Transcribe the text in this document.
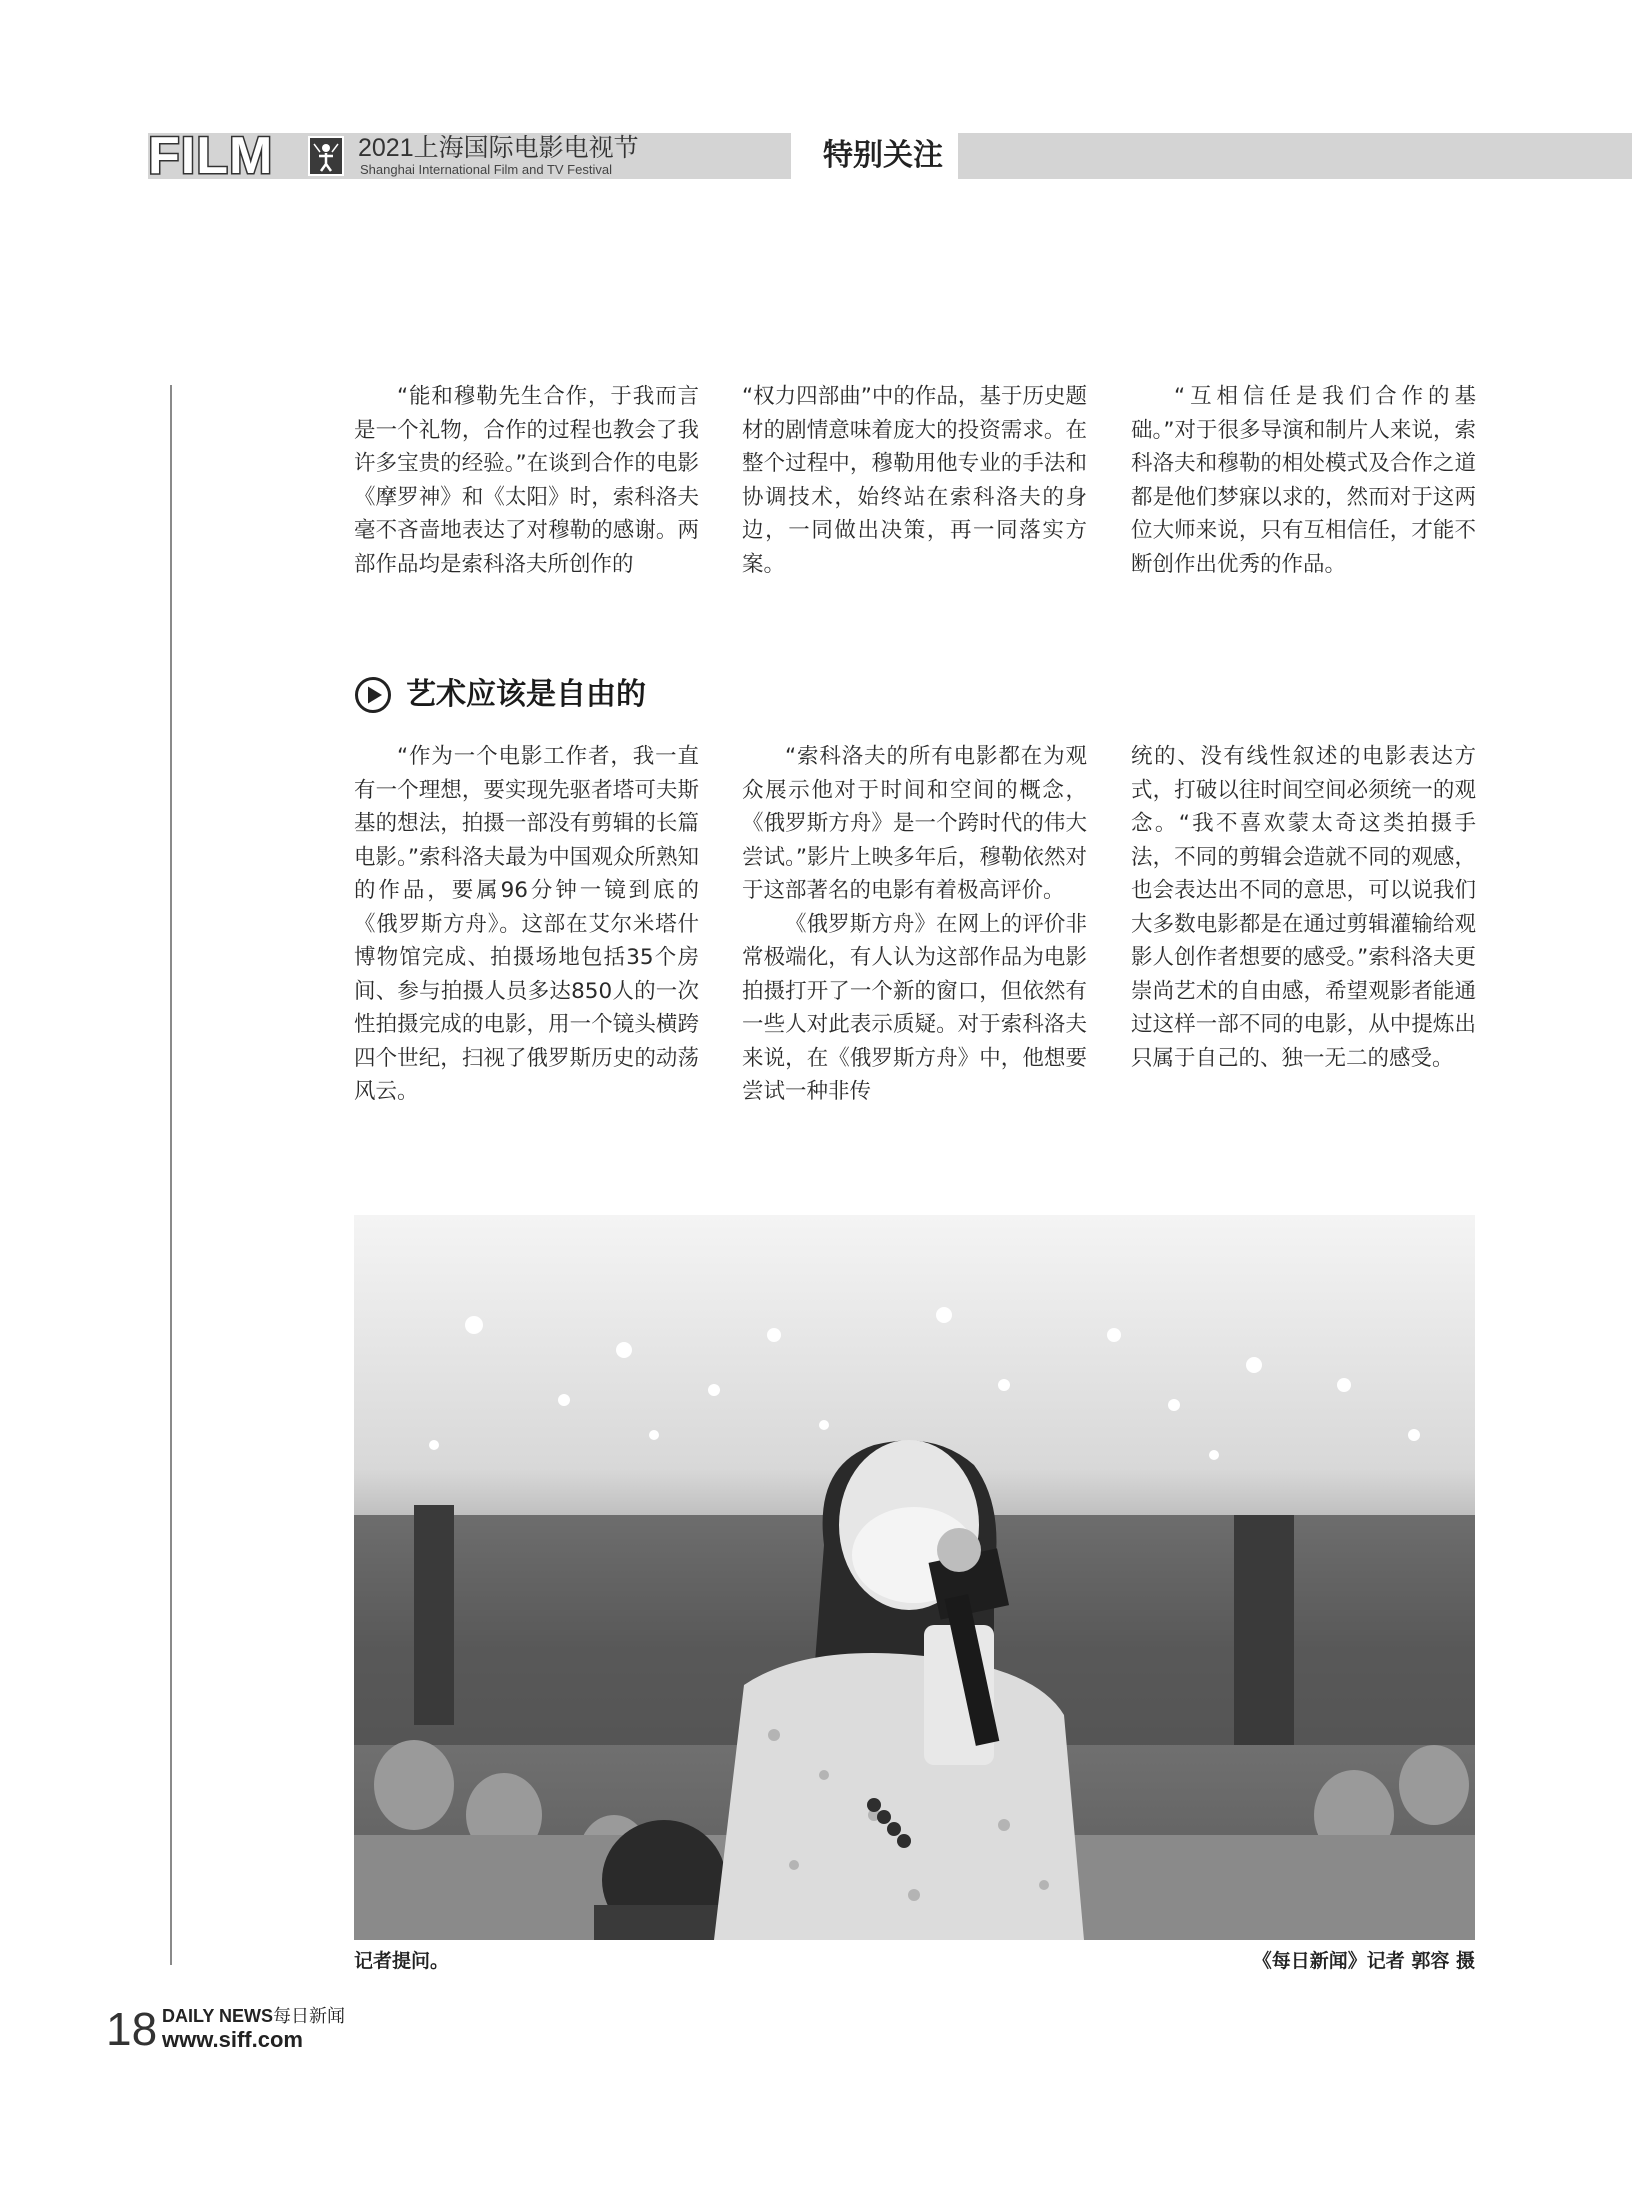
FILM	2021上海国际电影电视节
Shanghai International Film and TV Festival	特别关注

“能和穆勒先生合作，于我而言是一个礼物，合作的过程也教会了我许多宝贵的经验。”在谈到合作的电影《摩罗神》和《太阳》时，索科洛夫毫不吝啬地表达了对穆勒的感谢。两部作品均是索科洛夫所创作的

“权力四部曲”中的作品，基于历史题材的剧情意味着庞大的投资需求。在整个过程中，穆勒用他专业的手法和协调技术，始终站在索科洛夫的身边，一同做出决策，再一同落实方案。

“互相信任是我们合作的基础。”对于很多导演和制片人来说，索科洛夫和穆勒的相处模式及合作之道都是他们梦寐以求的，然而对于这两位大师来说，只有互相信任，才能不断创作出优秀的作品。

艺术应该是自由的

“作为一个电影工作者，我一直有一个理想，要实现先驱者塔可夫斯基的想法，拍摄一部没有剪辑的长篇电影。”索科洛夫最为中国观众所熟知的作品，要属96分钟一镜到底的《俄罗斯方舟》。这部在艾尔米塔什博物馆完成、拍摄场地包括35个房间、参与拍摄人员多达850人的一次性拍摄完成的电影，用一个镜头横跨四个世纪，扫视了俄罗斯历史的动荡风云。

“索科洛夫的所有电影都在为观众展示他对于时间和空间的概念，《俄罗斯方舟》是一个跨时代的伟大尝试。”影片上映多年后，穆勒依然对于这部著名的电影有着极高评价。

《俄罗斯方舟》在网上的评价非常极端化，有人认为这部作品为电影拍摄打开了一个新的窗口，但依然有一些人对此表示质疑。对于索科洛夫来说，在《俄罗斯方舟》中，他想要尝试一种非传

统的、没有线性叙述的电影表达方式，打破以往时间空间必须统一的观念。“我不喜欢蒙太奇这类拍摄手法，不同的剪辑会造就不同的观感，也会表达出不同的意思，可以说我们大多数电影都是在通过剪辑灌输给观影人创作者想要的感受。”索科洛夫更崇尚艺术的自由感，希望观影者能通过这样一部不同的电影，从中提炼出只属于自己的、独一无二的感受。

记者提问。	《每日新闻》记者 郭容 摄
18 DAILY NEWS每日新闻
www.siff.com
